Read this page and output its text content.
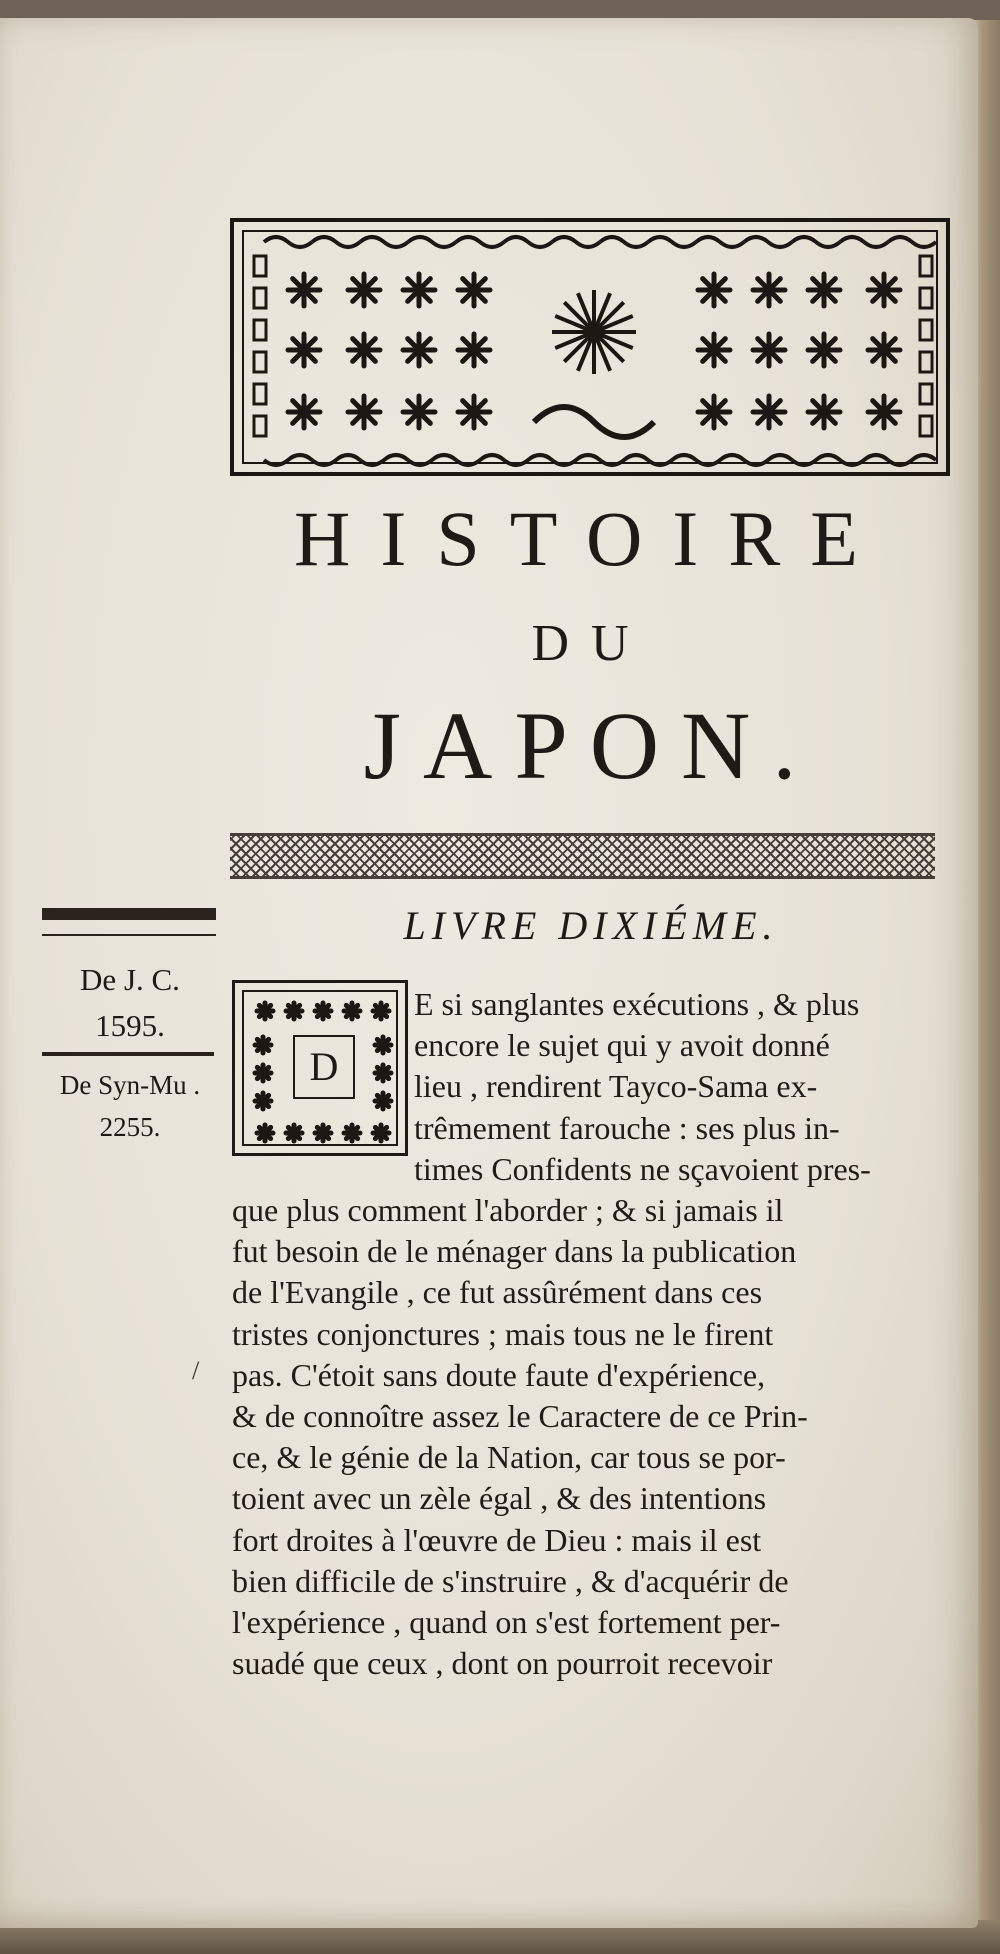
HISTOIRE
DU
JAPON.
LIVRE DIXIÉME.
De J. C.
1595.
De Syn-Mu .
2255.
D
E si sanglantes exécutions , & plus
encore le sujet qui y avoit donné
lieu , rendirent Tayco-Sama ex-
trêmement farouche : ses plus in-
times Confidents ne sçavoient pres-
que plus comment l'aborder ; & si jamais il
fut besoin de le ménager dans la publication
de l'Evangile , ce fut assûrément dans ces
tristes conjonctures ; mais tous ne le firent
pas. C'étoit sans doute faute d'expérience,
& de connoître assez le Caractere de ce Prin-
ce, & le génie de la Nation, car tous se por-
toient avec un zèle égal , & des intentions
fort droites à l'œuvre de Dieu : mais il est
bien difficile de s'instruire , & d'acquérir de
l'expérience , quand on s'est fortement per-
suadé que ceux , dont on pourroit recevoir
/
